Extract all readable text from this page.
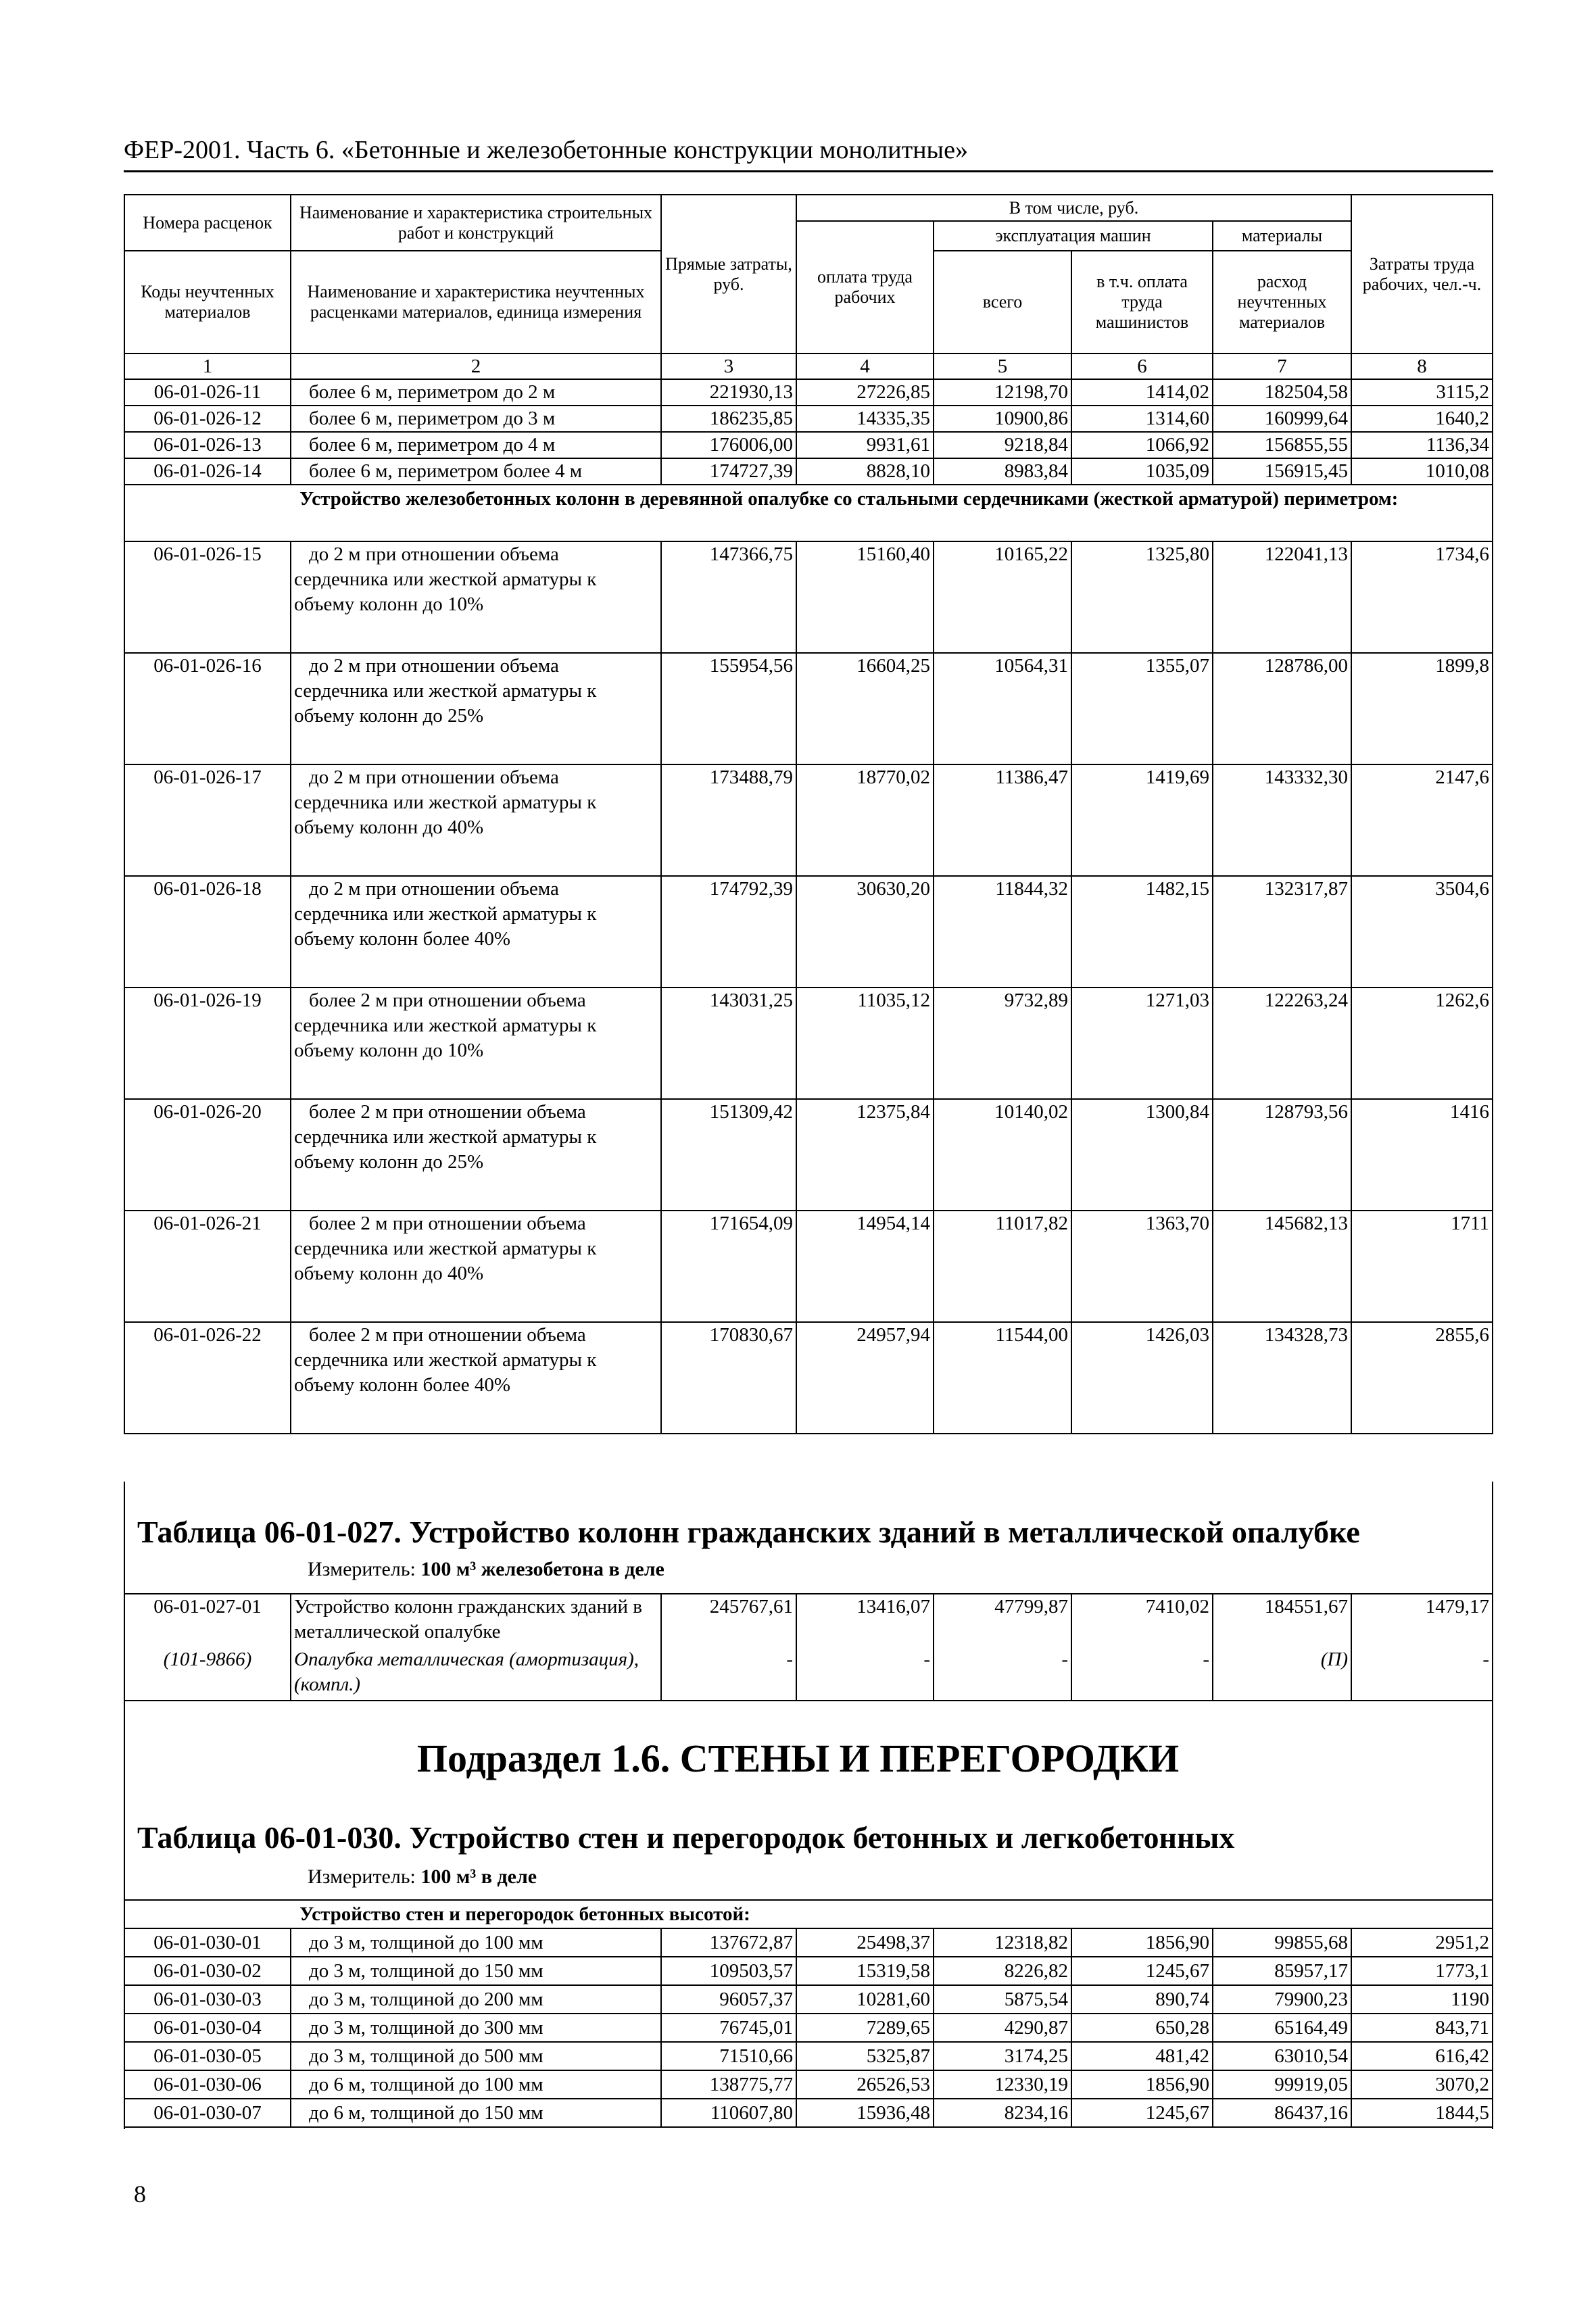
ФЕР-2001. Часть 6. «Бетонные и железобетонные конструкции монолитные»
Номера расценок	Наименование и характеристика строительных работ и конструкций	Прямые затраты, руб.	В том числе, руб.				Затраты труда рабочих, чел.-ч.
			оплата труда рабочих	эксплуатация машин		материалы	
Коды неучтенных материалов	Наименование и характеристика неучтенных расценками материалов, единица измерения			всего	в т.ч. оплата труда машинистов	расход неучтенных материалов	
1	2	3	4	5	6	7	8
06-01-026-11	более 6 м, периметром до 2 м	221930,13	27226,85	12198,70	1414,02	182504,58	3115,2
06-01-026-12	более 6 м, периметром до 3 м	186235,85	14335,35	10900,86	1314,60	160999,64	1640,2
06-01-026-13	более 6 м, периметром до 4 м	176006,00	9931,61	9218,84	1066,92	156855,55	1136,34
06-01-026-14	более 6 м, периметром более 4 м	174727,39	8828,10	8983,84	1035,09	156915,45	1010,08
Устройство железобетонных колонн в деревянной опалубке со стальными сердечниками (жесткой арматурой) периметром:							
06-01-026-15	до 2 м при отношении объема сердечника или жесткой арматуры к объему колонн до 10%	147366,75	15160,40	10165,22	1325,80	122041,13	1734,6
06-01-026-16	до 2 м при отношении объема сердечника или жесткой арматуры к объему колонн до 25%	155954,56	16604,25	10564,31	1355,07	128786,00	1899,8
06-01-026-17	до 2 м при отношении объема сердечника или жесткой арматуры к объему колонн до 40%	173488,79	18770,02	11386,47	1419,69	143332,30	2147,6
06-01-026-18	до 2 м при отношении объема сердечника или жесткой арматуры к объему колонн более 40%	174792,39	30630,20	11844,32	1482,15	132317,87	3504,6
06-01-026-19	более 2 м при отношении объема сердечника или жесткой арматуры к объему колонн до 10%	143031,25	11035,12	9732,89	1271,03	122263,24	1262,6
06-01-026-20	более 2 м при отношении объема сердечника или жесткой арматуры к объему колонн до 25%	151309,42	12375,84	10140,02	1300,84	128793,56	1416
06-01-026-21	более 2 м при отношении объема сердечника или жесткой арматуры к объему колонн до 40%	171654,09	14954,14	11017,82	1363,70	145682,13	1711
06-01-026-22	более 2 м при отношении объема сердечника или жесткой арматуры к объему колонн более 40%	170830,67	24957,94	11544,00	1426,03	134328,73	2855,6
Таблица 06-01-027. Устройство колонн гражданских зданий в металлической опалубке
Измеритель: 100 м³ железобетона в деле
06-01-027-01	Устройство колонн гражданских зданий в металлической опалубке	245767,61	13416,07	47799,87	7410,02	184551,67	1479,17
(101-9866)	Опалубка металлическая (амортизация), (компл.)	-	-	-	-	(П)	-
Подраздел 1.6. СТЕНЫ И ПЕРЕГОРОДКИ
Таблица 06-01-030. Устройство стен и перегородок бетонных и легкобетонных
Измеритель: 100 м³ в деле
Устройство стен и перегородок бетонных высотой:							
06-01-030-01	до 3 м, толщиной до 100 мм	137672,87	25498,37	12318,82	1856,90	99855,68	2951,2
06-01-030-02	до 3 м, толщиной до 150 мм	109503,57	15319,58	8226,82	1245,67	85957,17	1773,1
06-01-030-03	до 3 м, толщиной до 200 мм	96057,37	10281,60	5875,54	890,74	79900,23	1190
06-01-030-04	до 3 м, толщиной до 300 мм	76745,01	7289,65	4290,87	650,28	65164,49	843,71
06-01-030-05	до 3 м, толщиной до 500 мм	71510,66	5325,87	3174,25	481,42	63010,54	616,42
06-01-030-06	до 6 м, толщиной до 100 мм	138775,77	26526,53	12330,19	1856,90	99919,05	3070,2
06-01-030-07	до 6 м, толщиной до 150 мм	110607,80	15936,48	8234,16	1245,67	86437,16	1844,5
8
